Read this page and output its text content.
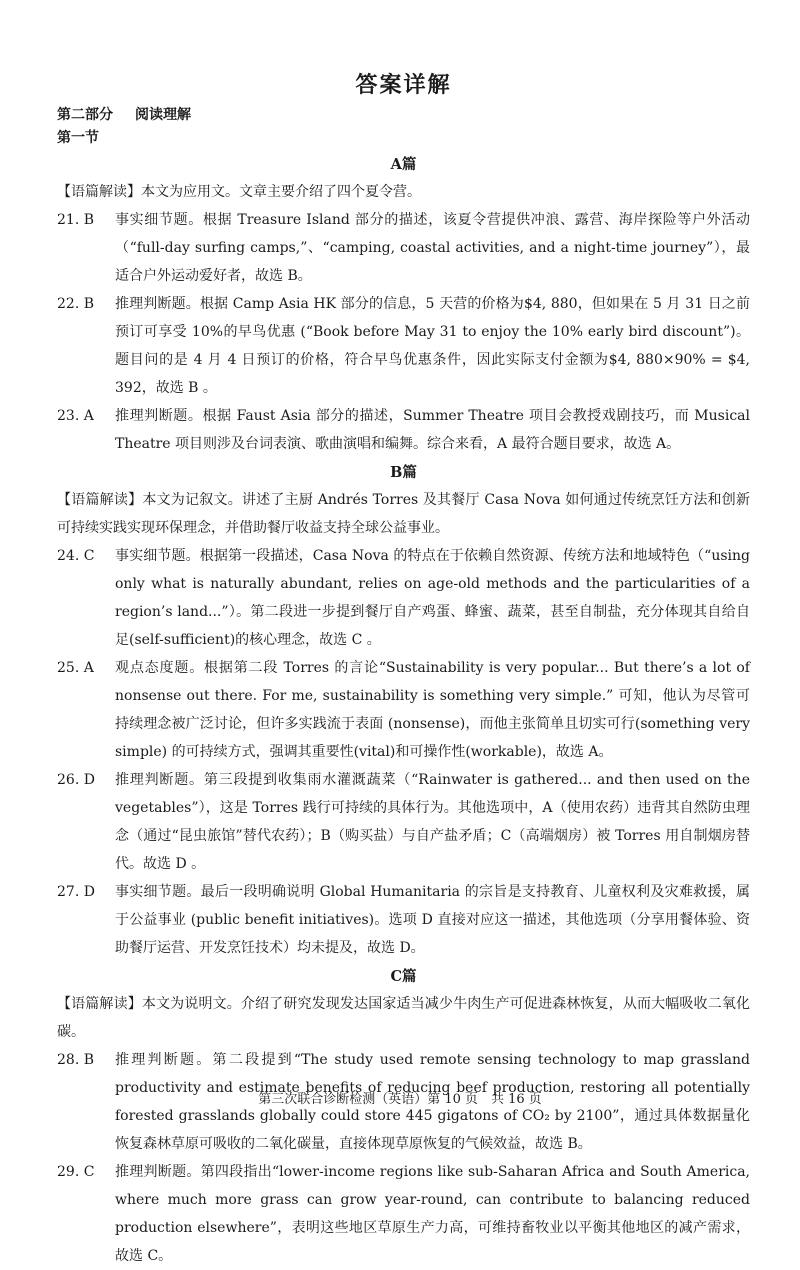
答案详解
第二部分 阅读理解
第一节
A篇
【语篇解读】本文为应用文。文章主要介绍了四个夏令营。
21. B	事实细节题。根据 Treasure Island 部分的描述，该夏令营提供冲浪、露营、海岸探险等户外活动（“full-day surfing camps,”、“camping, coastal activities, and a night-time journey”），最适合户外运动爱好者，故选 B。
22. B	推理判断题。根据 Camp Asia HK 部分的信息，5 天营的价格为$4, 880，但如果在 5 月 31 日之前预订可享受 10%的早鸟优惠 (“Book before May 31 to enjoy the 10% early bird discount”)。题目问的是 4 月 4 日预订的价格，符合早鸟优惠条件，因此实际支付金额为$4, 880×90% = $4, 392，故选 B 。
23. A	推理判断题。根据 Faust Asia 部分的描述，Summer Theatre 项目会教授戏剧技巧，而 Musical Theatre 项目则涉及台词表演、歌曲演唱和编舞。综合来看，A 最符合题目要求，故选 A。
B篇
【语篇解读】本文为记叙文。讲述了主厨 Andrés Torres 及其餐厅 Casa Nova 如何通过传统烹饪方法和创新可持续实践实现环保理念，并借助餐厅收益支持全球公益事业。
24. C	事实细节题。根据第一段描述，Casa Nova 的特点在于依赖自然资源、传统方法和地域特色（“using only what is naturally abundant, relies on age-old methods and the particularities of a region’s land...”）。第二段进一步提到餐厅自产鸡蛋、蜂蜜、蔬菜，甚至自制盐，充分体现其自给自足(self-sufficient)的核心理念，故选 C 。
25. A	观点态度题。根据第二段 Torres 的言论“Sustainability is very popular... But there’s a lot of nonsense out there. For me, sustainability is something very simple.” 可知，他认为尽管可持续理念被广泛讨论，但许多实践流于表面 (nonsense)，而他主张简单且切实可行(something very simple) 的可持续方式，强调其重要性(vital)和可操作性(workable)，故选 A。
26. D	推理判断题。第三段提到收集雨水灌溉蔬菜（“Rainwater is gathered... and then used on the vegetables”），这是 Torres 践行可持续的具体行为。其他选项中，A（使用农药）违背其自然防虫理念（通过“昆虫旅馆”替代农药）；B（购买盐）与自产盐矛盾；C（高端烟房）被 Torres 用自制烟房替代。故选 D 。
27. D	事实细节题。最后一段明确说明 Global Humanitaria 的宗旨是支持教育、儿童权利及灾难救援，属于公益事业 (public benefit initiatives)。选项 D 直接对应这一描述，其他选项（分享用餐体验、资助餐厅运营、开发烹饪技术）均未提及，故选 D。
C篇
【语篇解读】本文为说明文。介绍了研究发现发达国家适当减少牛肉生产可促进森林恢复，从而大幅吸收二氧化碳。
28. B	推理判断题。第二段提到“The study used remote sensing technology to map grassland productivity and estimate benefits of reducing beef production, restoring all potentially forested grasslands globally could store 445 gigatons of CO₂ by 2100”，通过具体数据量化恢复森林草原可吸收的二氧化碳量，直接体现草原恢复的气候效益，故选 B。
29. C	推理判断题。第四段指出“lower-income regions like sub-Saharan Africa and South America, where much more grass can grow year-round, can contribute to balancing reduced production elsewhere”，表明这些地区草原生产力高，可维持畜牧业以平衡其他地区的减产需求，故选 C。
第三次联合诊断检测（英语）第 10 页　共 16 页
